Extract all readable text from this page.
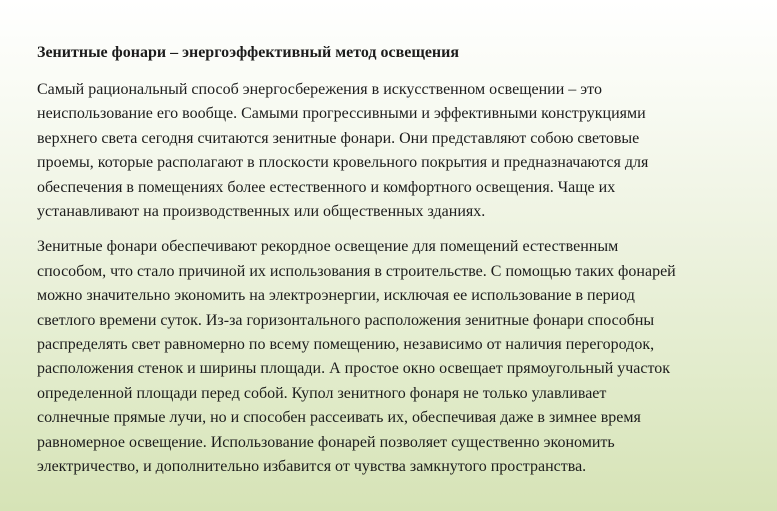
Зенитные фонари – энергоэффективный метод освещения

Самый рациональный способ энергосбережения в искусственном освещении – это
неиспользование его вообще. Самыми прогрессивными и эффективными конструкциями
верхнего света сегодня считаются зенитные фонари. Они представляют собою световые
проемы, которые располагают в плоскости кровельного покрытия и предназначаются для
обеспечения в помещениях более естественного и комфортного освещения. Чаще их
устанавливают на производственных или общественных зданиях.

Зенитные фонари обеспечивают рекордное освещение для помещений естественным
способом, что стало причиной их использования в строительстве. С помощью таких фонарей
можно значительно экономить на электроэнергии, исключая ее использование в период
светлого времени суток. Из-за горизонтального расположения зенитные фонари способны
распределять свет равномерно по всему помещению, независимо от наличия перегородок,
расположения стенок и ширины площади. А простое окно освещает прямоугольный участок
определенной площади перед собой. Купол зенитного фонаря не только улавливает
солнечные прямые лучи, но и способен рассеивать их, обеспечивая даже в зимнее время
равномерное освещение. Использование фонарей позволяет существенно экономить
электричество, и дополнительно избавится от чувства замкнутого пространства.
